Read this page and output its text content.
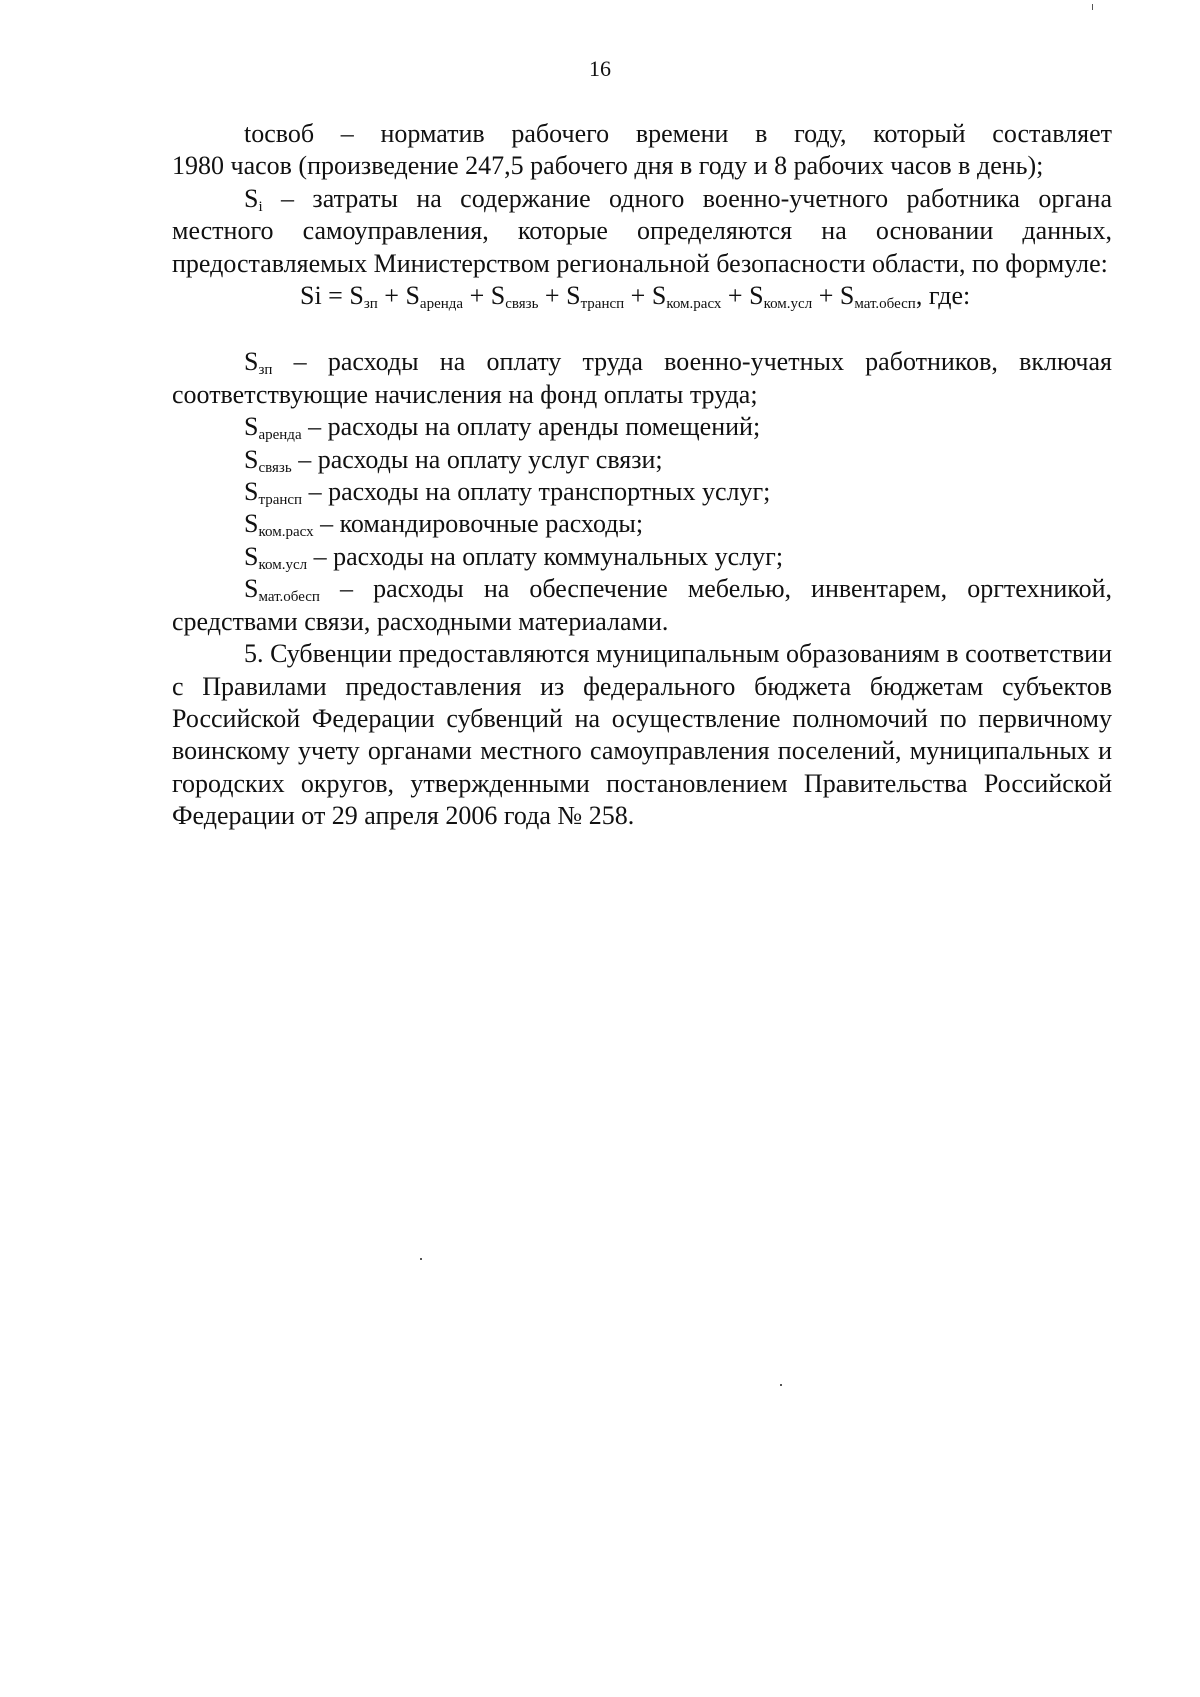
16

tocвоб – норматив рабочего времени в году, который составляет

1980 часов (произведение 247,5 рабочего дня в году и 8 рабочих часов в день);

$S_i$ – затраты на содержание одного военно-учетного работника органа местного самоуправления, которые определяются на основании данных, предоставляемых Министерством региональной безопасности области, по формуле:

$Si = S_{зп} + S_{аренда} + S_{связь} + S_{трансп} + S_{ком.расх} + S_{ком.усл} + S_{мат.обесп}$, где:

$S_{зп}$ – расходы на оплату труда военно-учетных работников, включая соответствующие начисления на фонд оплаты труда;

$S_{аренда}$ – расходы на оплату аренды помещений;

$S_{связь}$ – расходы на оплату услуг связи;

$S_{трансп}$ – расходы на оплату транспортных услуг;

$S_{ком.расх}$ – командировочные расходы;

$S_{ком.усл}$ – расходы на оплату коммунальных услуг;

$S_{мат.обесп}$ – расходы на обеспечение мебелью, инвентарем, оргтехникой, средствами связи, расходными материалами.

5. Субвенции предоставляются муниципальным образованиям в соответствии с Правилами предоставления из федерального бюджета бюджетам субъектов Российской Федерации субвенций на осуществление полномочий по первичному воинскому учету органами местного самоуправления поселений, муниципальных и городских округов, утвержденными постановлением Правительства Российской Федерации от 29 апреля 2006 года № 258.
